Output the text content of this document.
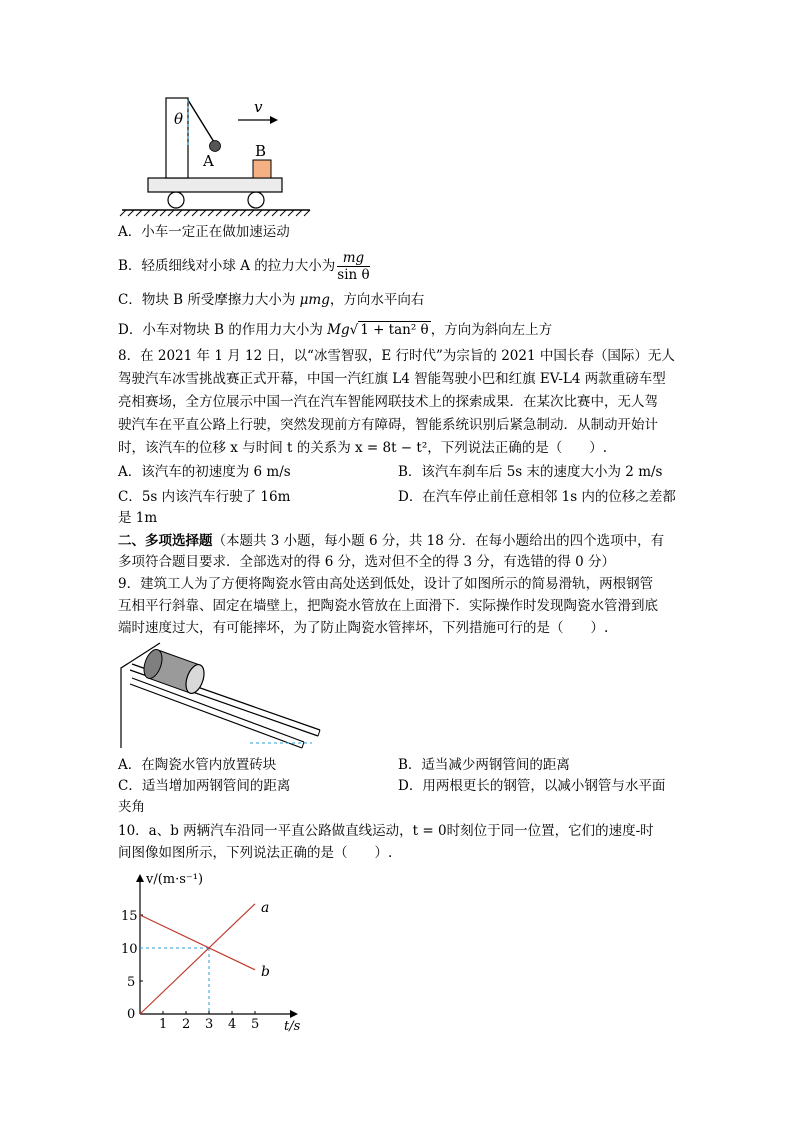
θ
v
A
B
A．小车一定正在做加速运动
B．轻质细线对小球 A 的拉力大小为 $\frac{mg}{\text{sin θ}}$
C．物块 B 所受摩擦力大小为 μmg，方向水平向右
D．小车对物块 B 的作用力大小为 Mg√ 1 + tan² θ ，方向为斜向左上方
8．在 2021 年 1 月 12 日，以“冰雪智驭，E 行时代”为宗旨的 2021 中国长春（国际）无人
驾驶汽车冰雪挑战赛正式开幕，中国一汽红旗 L4 智能驾驶小巴和红旗 EV-L4 两款重磅车型
亮相赛场，全方位展示中国一汽在汽车智能网联技术上的探索成果．在某次比赛中，无人驾
驶汽车在平直公路上行驶，突然发现前方有障碍，智能系统识别后紧急制动．从制动开始计
时，该汽车的位移 x 与时间 t 的关系为 x = 8t − t²，下列说法正确的是（　　）.
A．该汽车的初速度为 6 m/s	B．该汽车刹车后 5s 末的速度大小为 2 m/s
C．5s 内该汽车行驶了 16m	D．在汽车停止前任意相邻 1s 内的位移之差都
是 1m
二、多项选择题（本题共 3 小题，每小题 6 分，共 18 分．在每小题给出的四个选项中，有
多项符合题目要求．全部选对的得 6 分，选对但不全的得 3 分，有选错的得 0 分）
9．建筑工人为了方便将陶瓷水管由高处送到低处，设计了如图所示的简易滑轨，两根钢管
互相平行斜靠、固定在墙壁上，把陶瓷水管放在上面滑下．实际操作时发现陶瓷水管滑到底
端时速度过大，有可能摔坏，为了防止陶瓷水管摔坏，下列措施可行的是（　　）.
A．在陶瓷水管内放置砖块	B．适当减少两钢管间的距离
C．适当增加两钢管间的距离	D．用两根更长的钢管，以减小钢管与水平面
夹角
10．a、b 两辆汽车沿同一平直公路做直线运动，t = 0时刻位于同一位置，它们的速度-时
间图像如图所示，下列说法正确的是（　　）.
1 2 3 4 5
5
10
15
a
b
v/(m·s⁻¹)
t/s
0
